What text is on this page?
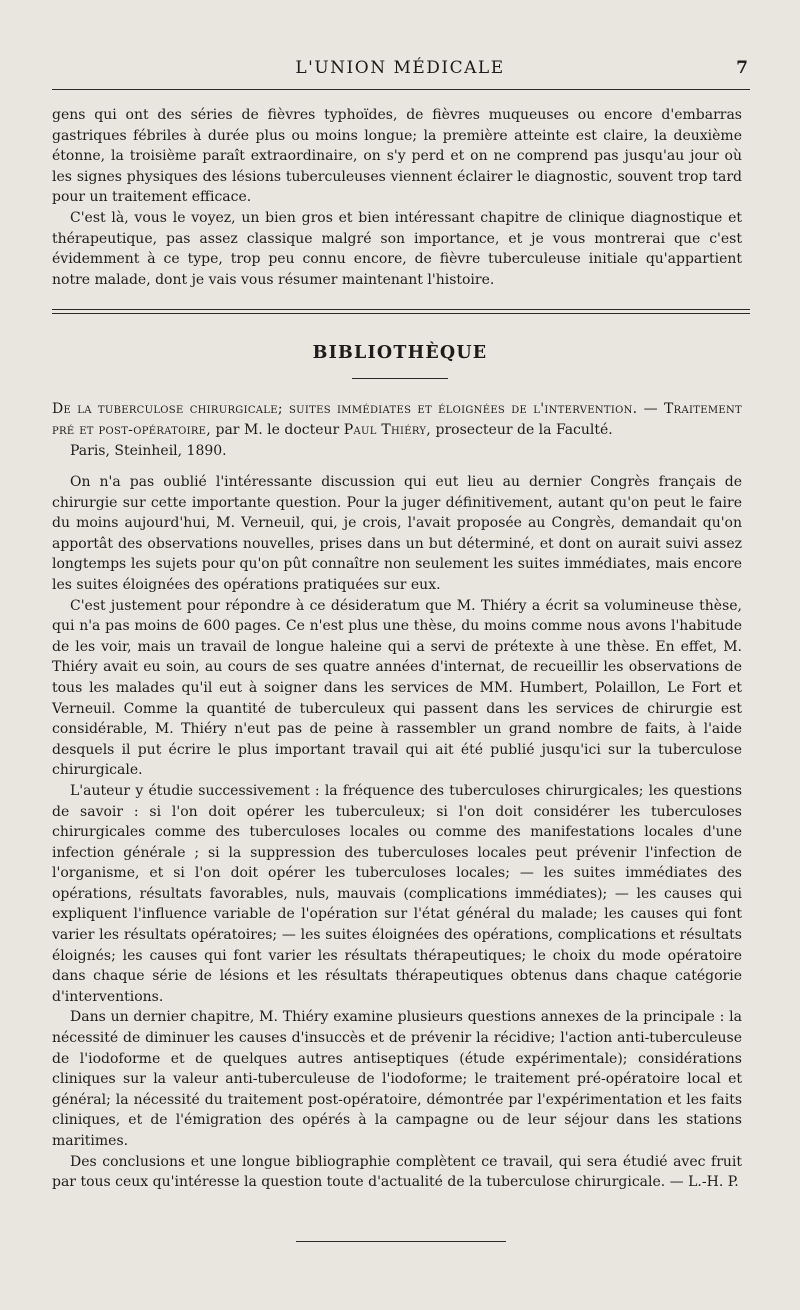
L'UNION MÉDICALE	7

gens qui ont des séries de fièvres typhoïdes, de fièvres muqueuses ou encore d'embarras gastriques fébriles à durée plus ou moins longue; la première atteinte est claire, la deuxième étonne, la troisième paraît extraordinaire, on s'y perd et on ne comprend pas jusqu'au jour où les signes physiques des lésions tuberculeuses viennent éclairer le diagnostic, souvent trop tard pour un traitement efficace.

C'est là, vous le voyez, un bien gros et bien intéressant chapitre de clinique diagnostique et thérapeutique, pas assez classique malgré son importance, et je vous montrerai que c'est évidemment à ce type, trop peu connu encore, de fièvre tuberculeuse initiale qu'appartient notre malade, dont je vais vous résumer maintenant l'histoire.

BIBLIOTHÈQUE
De la tuberculose chirurgicale; suites immédiates et éloignées de l'intervention. — Traitement pré et post-opératoire, par M. le docteur Paul Thiéry, prosecteur de la Faculté.
Paris, Steinheil, 1890.

On n'a pas oublié l'intéressante discussion qui eut lieu au dernier Congrès français de chirurgie sur cette importante question. Pour la juger définitivement, autant qu'on peut le faire du moins aujourd'hui, M. Verneuil, qui, je crois, l'avait proposée au Congrès, demandait qu'on apportât des observations nouvelles, prises dans un but déterminé, et dont on aurait suivi assez longtemps les sujets pour qu'on pût connaître non seulement les suites immédiates, mais encore les suites éloignées des opérations pratiquées sur eux.

C'est justement pour répondre à ce désideratum que M. Thiéry a écrit sa volumineuse thèse, qui n'a pas moins de 600 pages. Ce n'est plus une thèse, du moins comme nous avons l'habitude de les voir, mais un travail de longue haleine qui a servi de prétexte à une thèse. En effet, M. Thiéry avait eu soin, au cours de ses quatre années d'internat, de recueillir les observations de tous les malades qu'il eut à soigner dans les services de MM. Humbert, Polaillon, Le Fort et Verneuil. Comme la quantité de tuberculeux qui passent dans les services de chirurgie est considérable, M. Thiéry n'eut pas de peine à rassembler un grand nombre de faits, à l'aide desquels il put écrire le plus important travail qui ait été publié jusqu'ici sur la tuberculose chirurgicale.

L'auteur y étudie successivement : la fréquence des tuberculoses chirurgicales; les questions de savoir : si l'on doit opérer les tuberculeux; si l'on doit considérer les tuberculoses chirurgicales comme des tuberculoses locales ou comme des manifestations locales d'une infection générale ; si la suppression des tuberculoses locales peut prévenir l'infection de l'organisme, et si l'on doit opérer les tuberculoses locales; — les suites immédiates des opérations, résultats favorables, nuls, mauvais (complications immédiates); — les causes qui expliquent l'influence variable de l'opération sur l'état général du malade; les causes qui font varier les résultats opératoires; — les suites éloignées des opérations, complications et résultats éloignés; les causes qui font varier les résultats thérapeutiques; le choix du mode opératoire dans chaque série de lésions et les résultats thérapeutiques obtenus dans chaque catégorie d'interventions.

Dans un dernier chapitre, M. Thiéry examine plusieurs questions annexes de la principale : la nécessité de diminuer les causes d'insuccès et de prévenir la récidive; l'action anti-tuberculeuse de l'iodoforme et de quelques autres antiseptiques (étude expérimentale); considérations cliniques sur la valeur anti-tuberculeuse de l'iodoforme; le traitement pré-opératoire local et général; la nécessité du traitement post-opératoire, démontrée par l'expérimentation et les faits cliniques, et de l'émigration des opérés à la campagne ou de leur séjour dans les stations maritimes.

Des conclusions et une longue bibliographie complètent ce travail, qui sera étudié avec fruit par tous ceux qu'intéresse la question toute d'actualité de la tuberculose chirurgicale. — L.-H. P.
